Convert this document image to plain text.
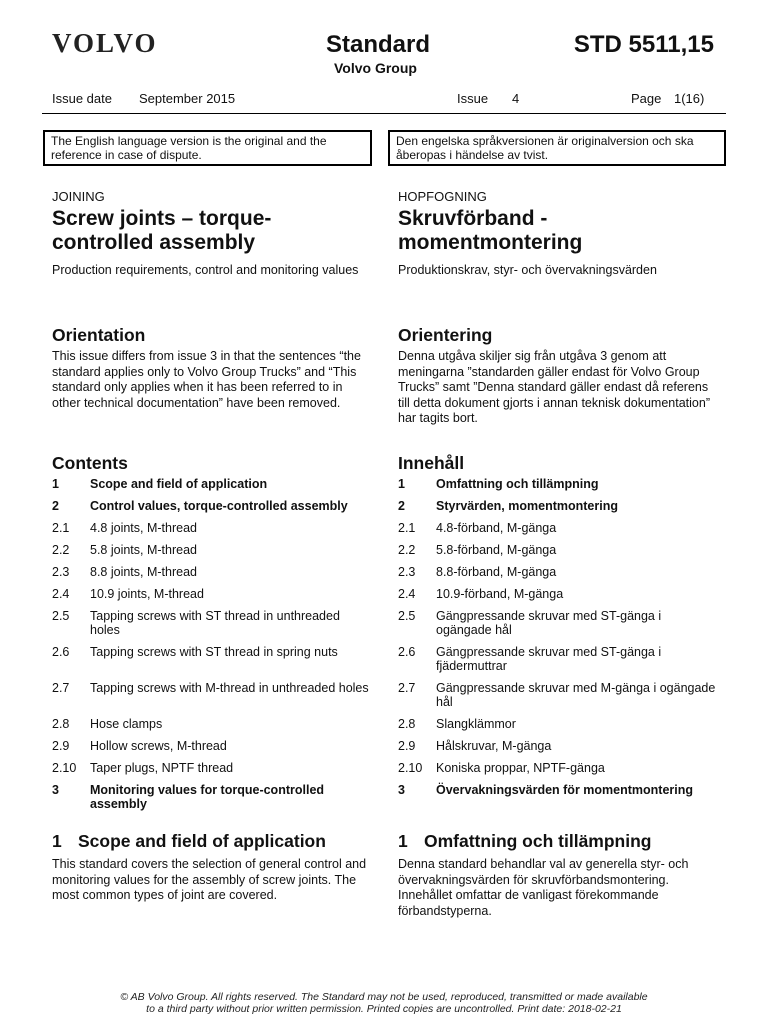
VOLVO	Standard
Volvo Group
STD 5511,15
Issue date September 2015	Issue 4	Page 1(16)
The English language version is the original and the reference in case of dispute.
Den engelska språkversionen är originalversion och ska åberopas i händelse av tvist.
JOINING
Screw joints – torque-controlled assembly
Production requirements, control and monitoring values
Orientation
This issue differs from issue 3 in that the sentences “the standard applies only to Volvo Group Trucks” and “This standard only applies when it has been referred to in other technical documentation” have been removed.
Contents
1	Scope and field of application
2	Control values, torque-controlled assembly
2.1	4.8 joints, M-thread
2.2	5.8 joints, M-thread
2.3	8.8 joints, M-thread
2.4	10.9 joints, M-thread
2.5	Tapping screws with ST thread in unthreaded holes
2.6	Tapping screws with ST thread in spring nuts
2.7	Tapping screws with M-thread in unthreaded holes
2.8	Hose clamps
2.9	Hollow screws, M-thread
2.10	Taper plugs, NPTF thread
3	Monitoring values for torque-controlled assembly
1 Scope and field of application
This standard covers the selection of general control and monitoring values for the assembly of screw joints. The most common types of joint are covered.
HOPFOGNING
Skruvförband - momentmontering
Produktionskrav, styr- och övervakningsvärden
Orientering
Denna utgåva skiljer sig från utgåva 3 genom att meningarna ”standarden gäller endast för Volvo Group Trucks” samt ”Denna standard gäller endast då referens till detta dokument gjorts i annan teknisk dokumentation” har tagits bort.
Innehåll
1	Omfattning och tillämpning
2	Styrvärden, momentmontering
2.1	4.8-förband, M-gänga
2.2	5.8-förband, M-gänga
2.3	8.8-förband, M-gänga
2.4	10.9-förband, M-gänga
2.5	Gängpressande skruvar med ST-gänga i ogängade hål
2.6	Gängpressande skruvar med ST-gänga i fjädermuttrar
2.7	Gängpressande skruvar med M-gänga i ogängade hål
2.8	Slangklämmor
2.9	Hålskruvar, M-gänga
2.10	Koniska proppar, NPTF-gänga
3	Övervakningsvärden för momentmontering
1 Omfattning och tillämpning
Denna standard behandlar val av generella styr- och övervakningsvärden för skruvförbandsmontering. Innehållet omfattar de vanligast förekommande förbandstyperna.
© AB Volvo Group. All rights reserved. The Standard may not be used, reproduced, transmitted or made available
to a third party without prior written permission. Printed copies are uncontrolled. Print date: 2018-02-21
